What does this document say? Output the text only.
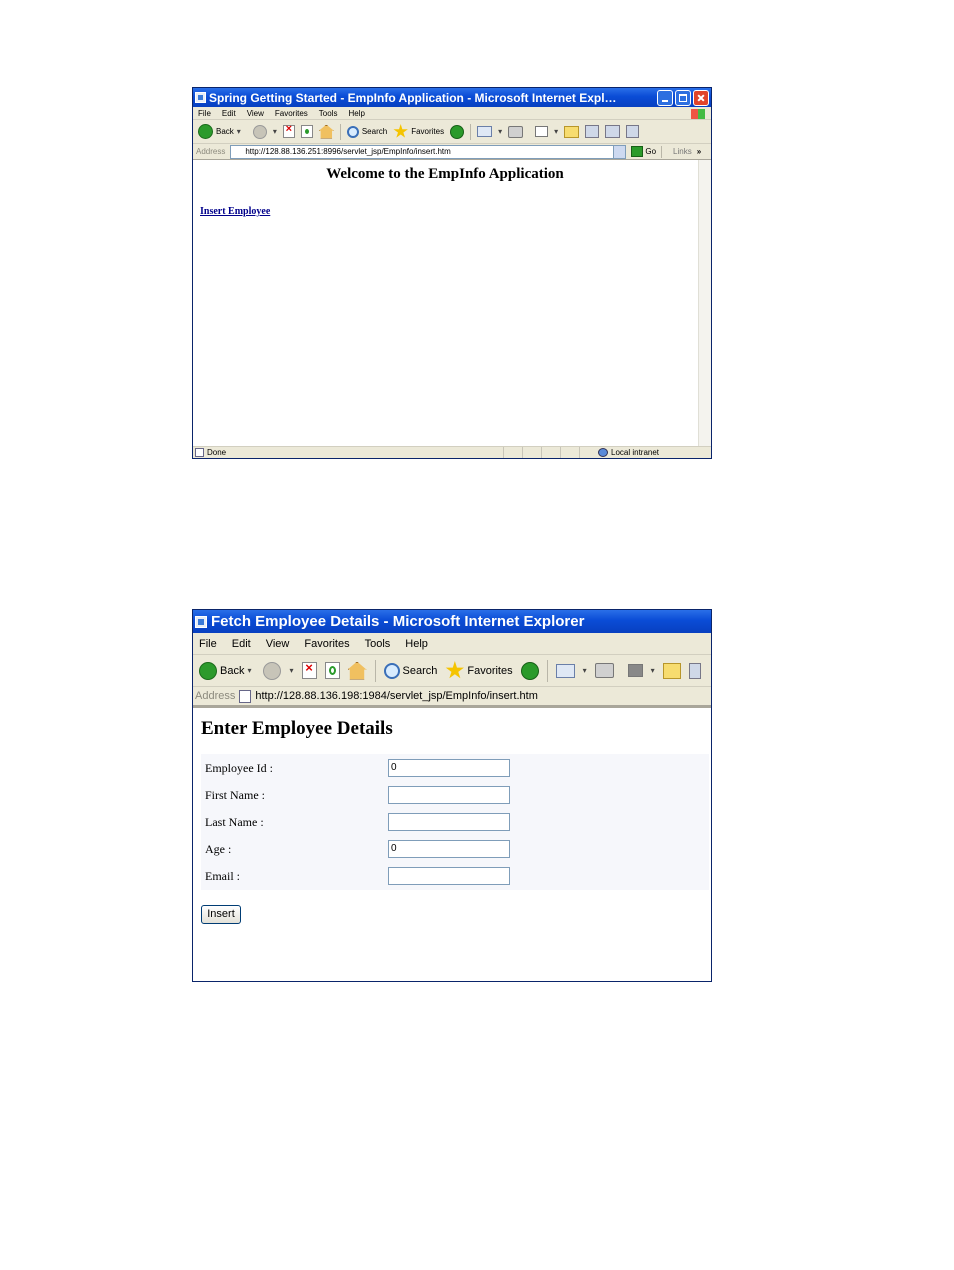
Spring Getting Started - EmpInfo Application - Microsoft Internet Expl…
File Edit View Favorites Tools Help
Back ▾	▾ ×	Search	Favorites	▾	▾
Address	http://128.88.136.251:8996/servlet_jsp/EmpInfo/insert.htm	Go Links »
Welcome to the EmpInfo Application
Insert Employee
Done	Local intranet
Fetch Employee Details - Microsoft Internet Explorer
File Edit View Favorites Tools Help
Back ▾	▾ ×	Search	Favorites	▾	▾
Address http://128.88.136.198:1984/servlet_jsp/EmpInfo/insert.htm
Enter Employee Details
Employee Id :	0
First Name :
Last Name :
Age :	0
Email :
Insert
